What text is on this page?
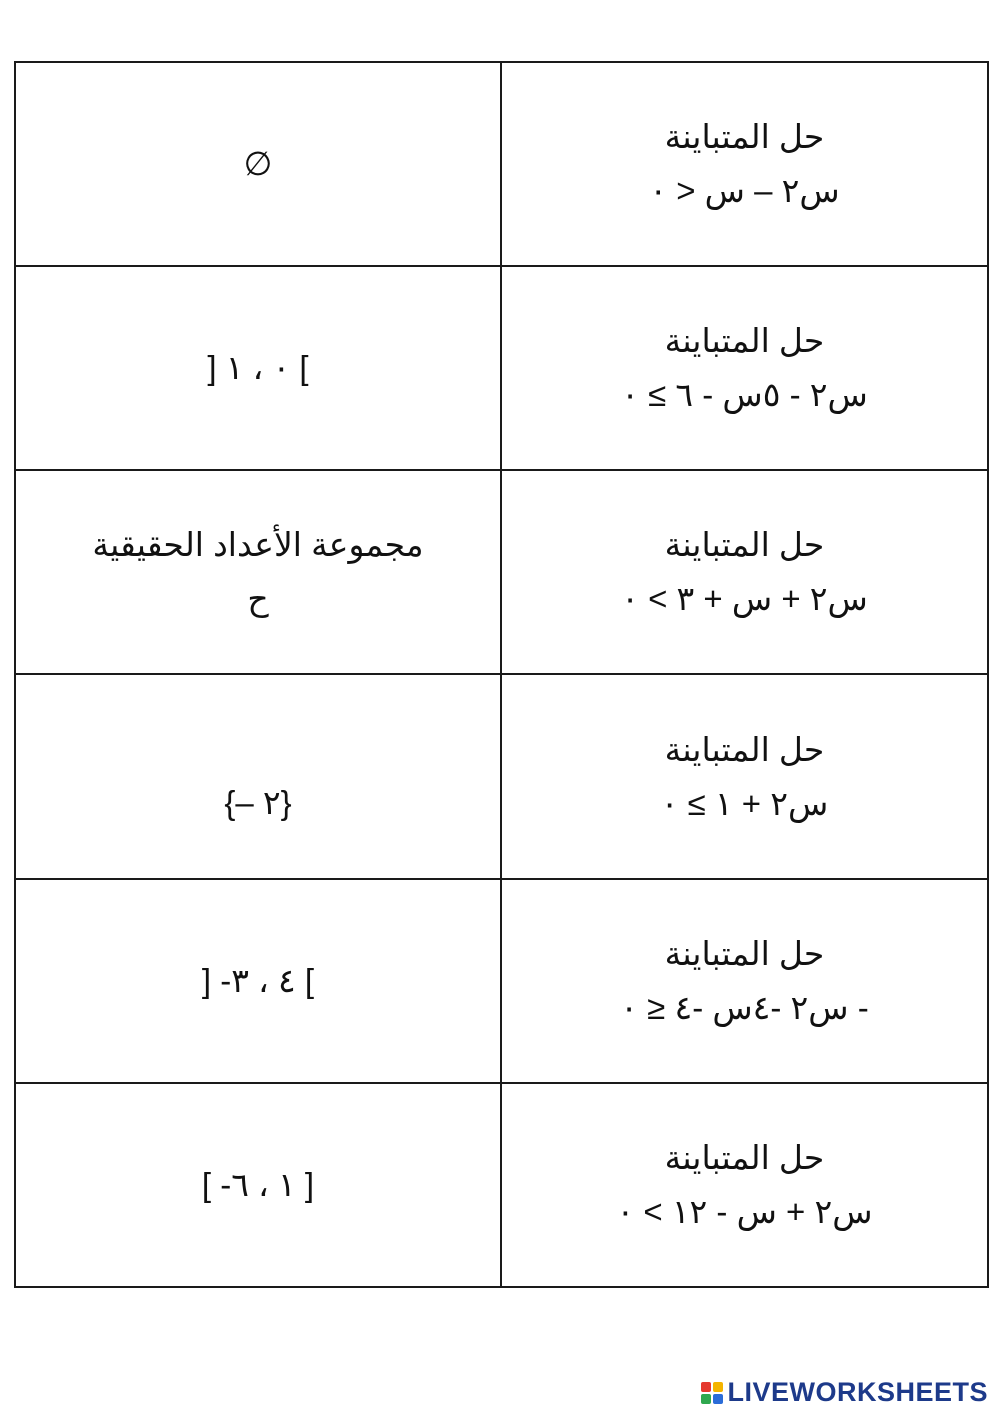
∅	حل المتباينة
س٢ – س < ٠

] ٠ ، ١ [	حل المتباينة
س٢ - ٥س - ٦ ≥ ٠

مجموعة الأعداد الحقيقية
ح	حل المتباينة
س٢ + س + ٣ > ٠

{– ٢}	حل المتباينة
س٢ + ١ ≥ ٠

] -٤ ، ٣ [	حل المتباينة
- س٢ -٤س -٤ ≤ ٠

[ -١ ، ٦ ]	حل المتباينة
س٢ + س - ١٢ > ٠
LIVEWORKSHEETS
